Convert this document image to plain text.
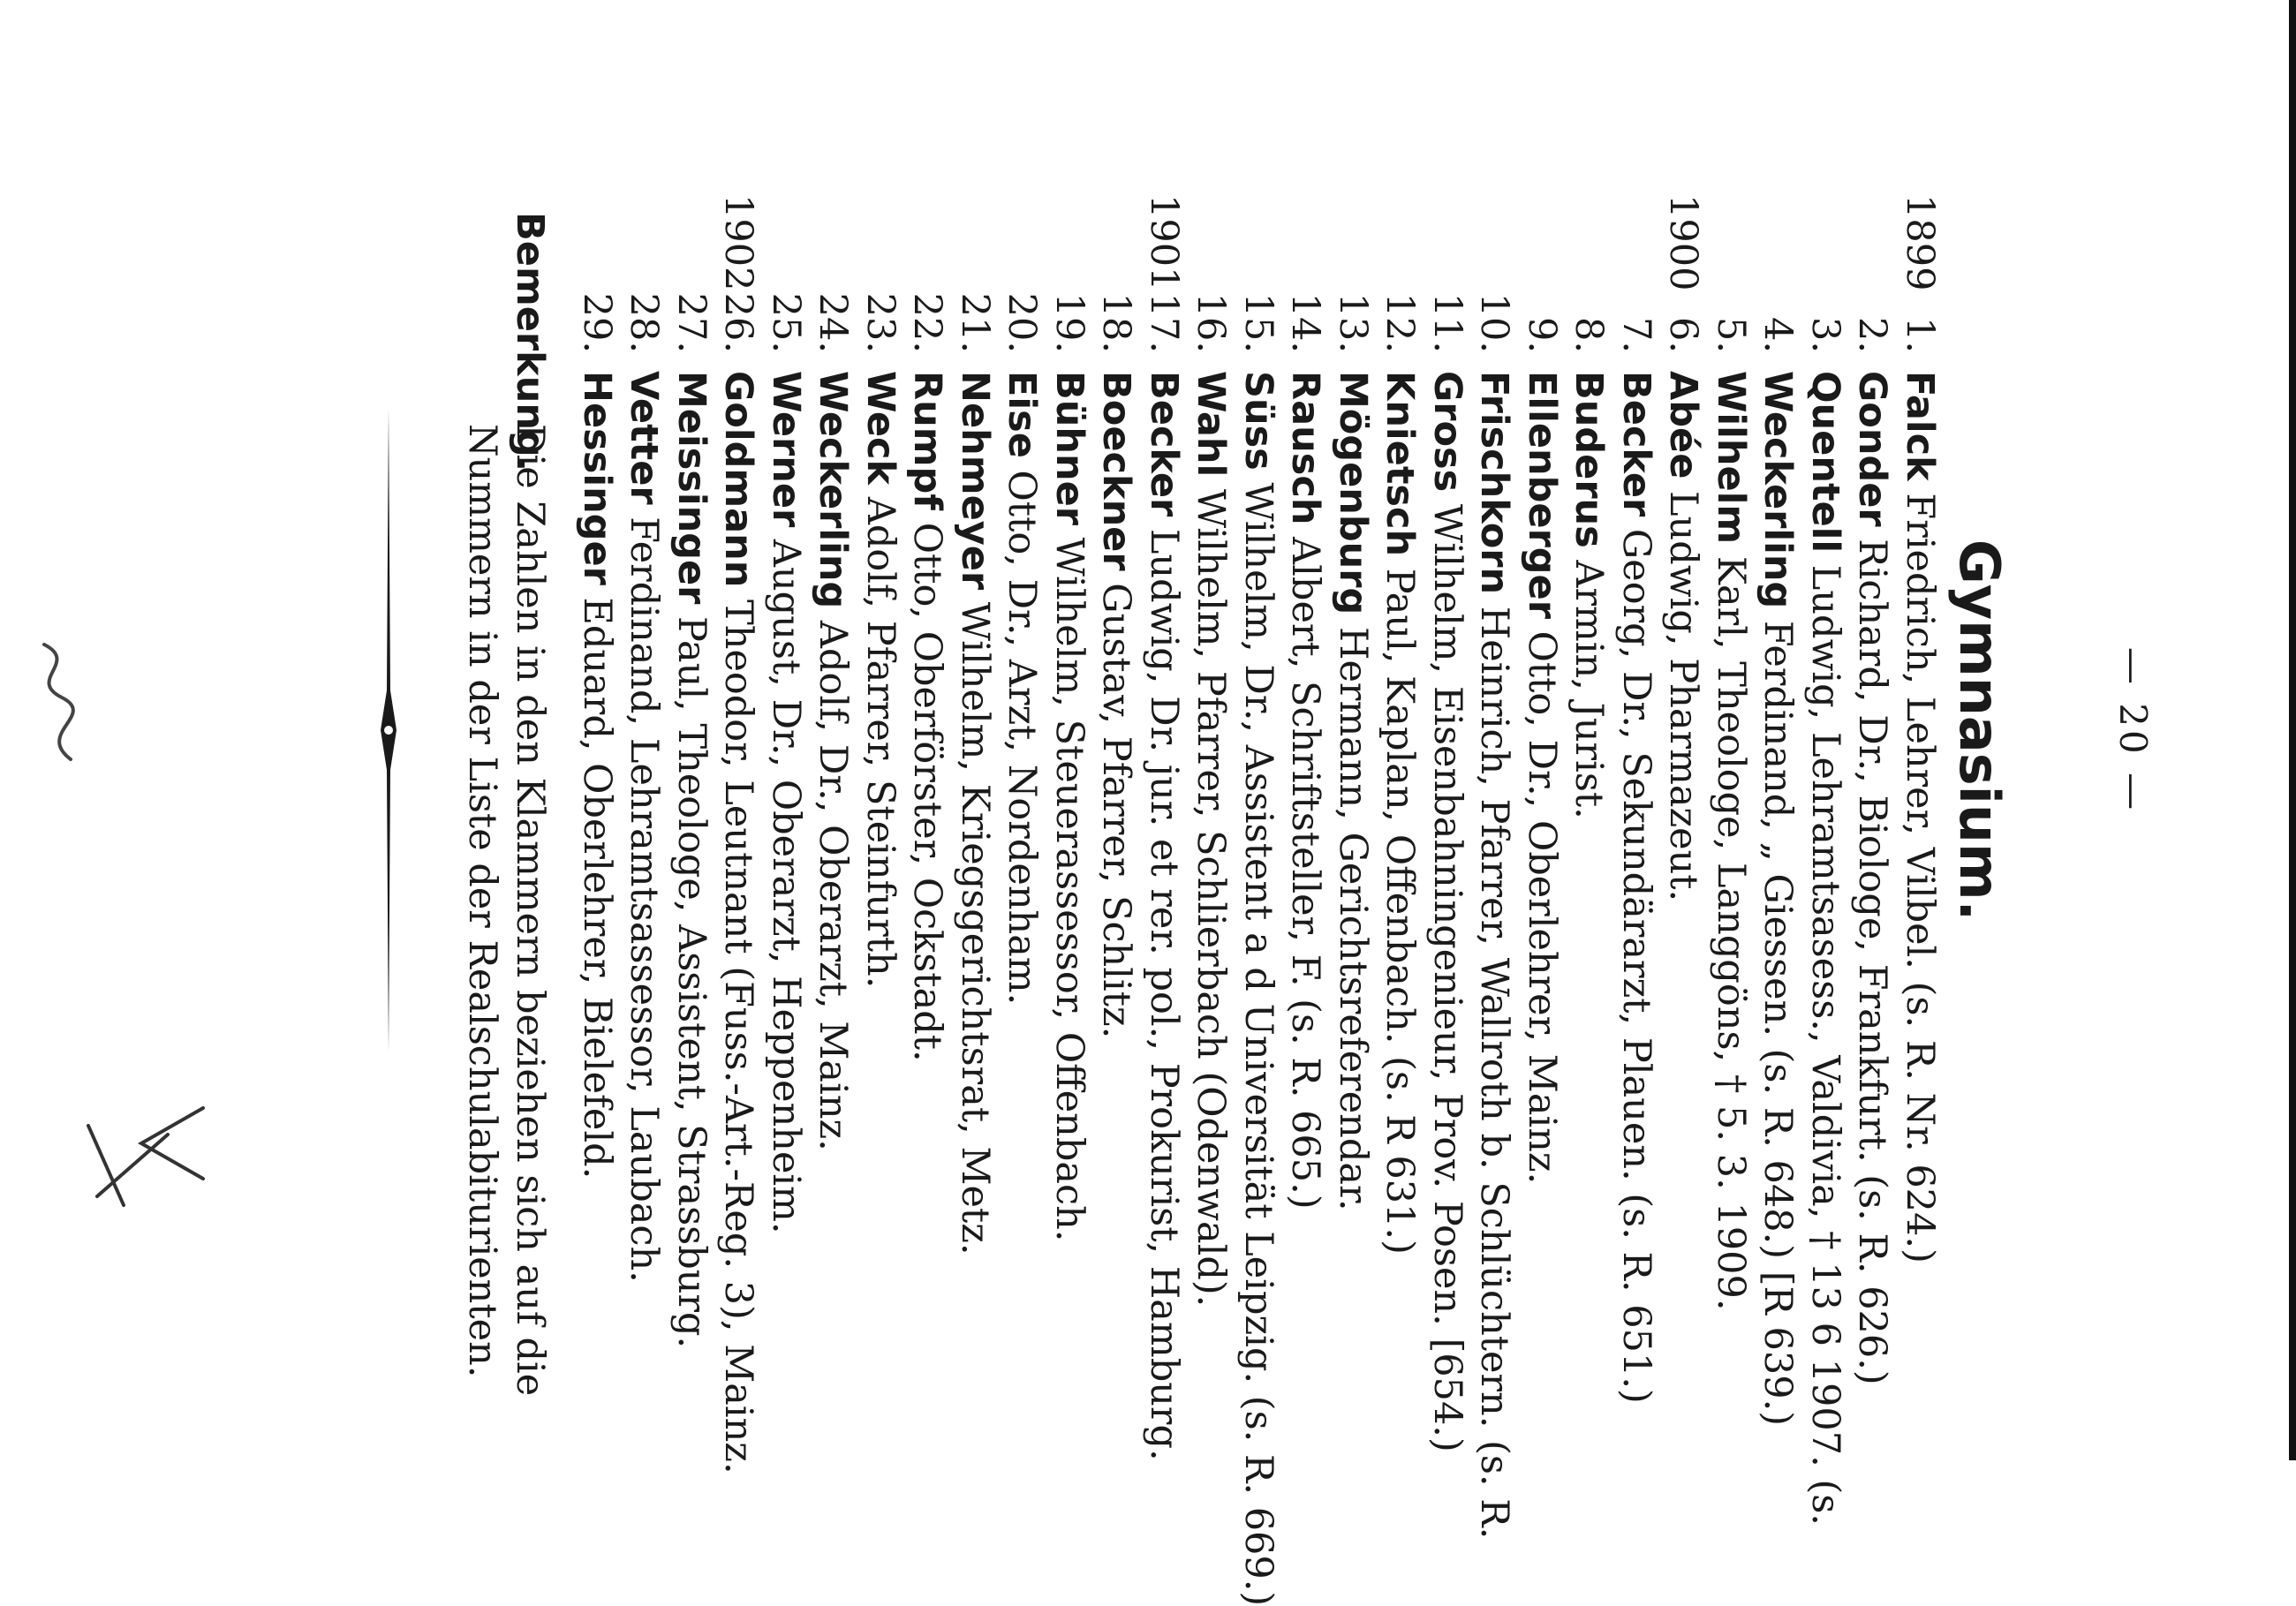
— 20 —
Gymnasium.
1899
1.
Falck Friedrich, Lehrer, Vilbel. (s. R. Nr. 624.)
2.
Gonder Richard, Dr., Biologe, Frankfurt. (s. R. 626.)
3.
Quentell Ludwig, Lehramtsasess., Valdivia, † 13 6 1907. (s.
4.
Weckerling Ferdinand, „ Giessen. (s. R. 648.) [R 639.)
5.
Wilhelm Karl, Theologe, Langgöns, † 5. 3. 1909.
1900
6.
Abée Ludwig, Pharmazeut.
7.
Becker Georg, Dr., Sekundärarzt, Plauen. (s. R. 651.)
8.
Buderus Armin, Jurist.
9.
Ellenberger Otto, Dr., Oberlehrer, Mainz.
10.
Frischkorn Heinrich, Pfarrer, Wallroth b. Schlüchtern. (s. R.
11.
Gross Wilhelm, Eisenbahningenieur, Prov. Posen. [654.)
12.
Knietsch Paul, Kaplan, Offenbach. (s. R 631.)
13.
Mögenburg Hermann, Gerichtsreferendar.
14.
Rausch Albert, Schriftsteller, F. (s. R. 665.)
15.
Süss Wilhelm, Dr., Assistent a d Universität Leipzig. (s. R. 669.)
16.
Wahl Wilhelm, Pfarrer, Schlierbach (Odenwald).
1901
17.
Becker Ludwig, Dr. jur. et rer. pol., Prokurist, Hamburg.
18.
Boeckner Gustav, Pfarrer, Schlitz.
19.
Bühner Wilhelm, Steuerassessor, Offenbach.
20.
Eise Otto, Dr., Arzt, Nordenham.
21.
Nehmeyer Wilhelm, Kriegsgerichtsrat, Metz.
22.
Rumpf Otto, Oberförster, Ockstadt.
23.
Weck Adolf, Pfarrer, Steinfurth.
24.
Weckerling Adolf, Dr., Oberarzt, Mainz.
25.
Werner August, Dr., Oberarzt, Heppenheim.
1902
26.
Goldmann Theodor, Leutnant (Fuss.-Art.-Reg. 3), Mainz.
27.
Meissinger Paul, Theologe, Assistent, Strassburg.
28.
Vetter Ferdinand, Lehramtsassessor, Laubach.
29.
Hessinger Eduard, Oberlehrer, Bielefeld.
Bemerkung.
Die Zahlen in den Klammern beziehen sich auf die
Nummern in der Liste der Realschulabiturienten.
